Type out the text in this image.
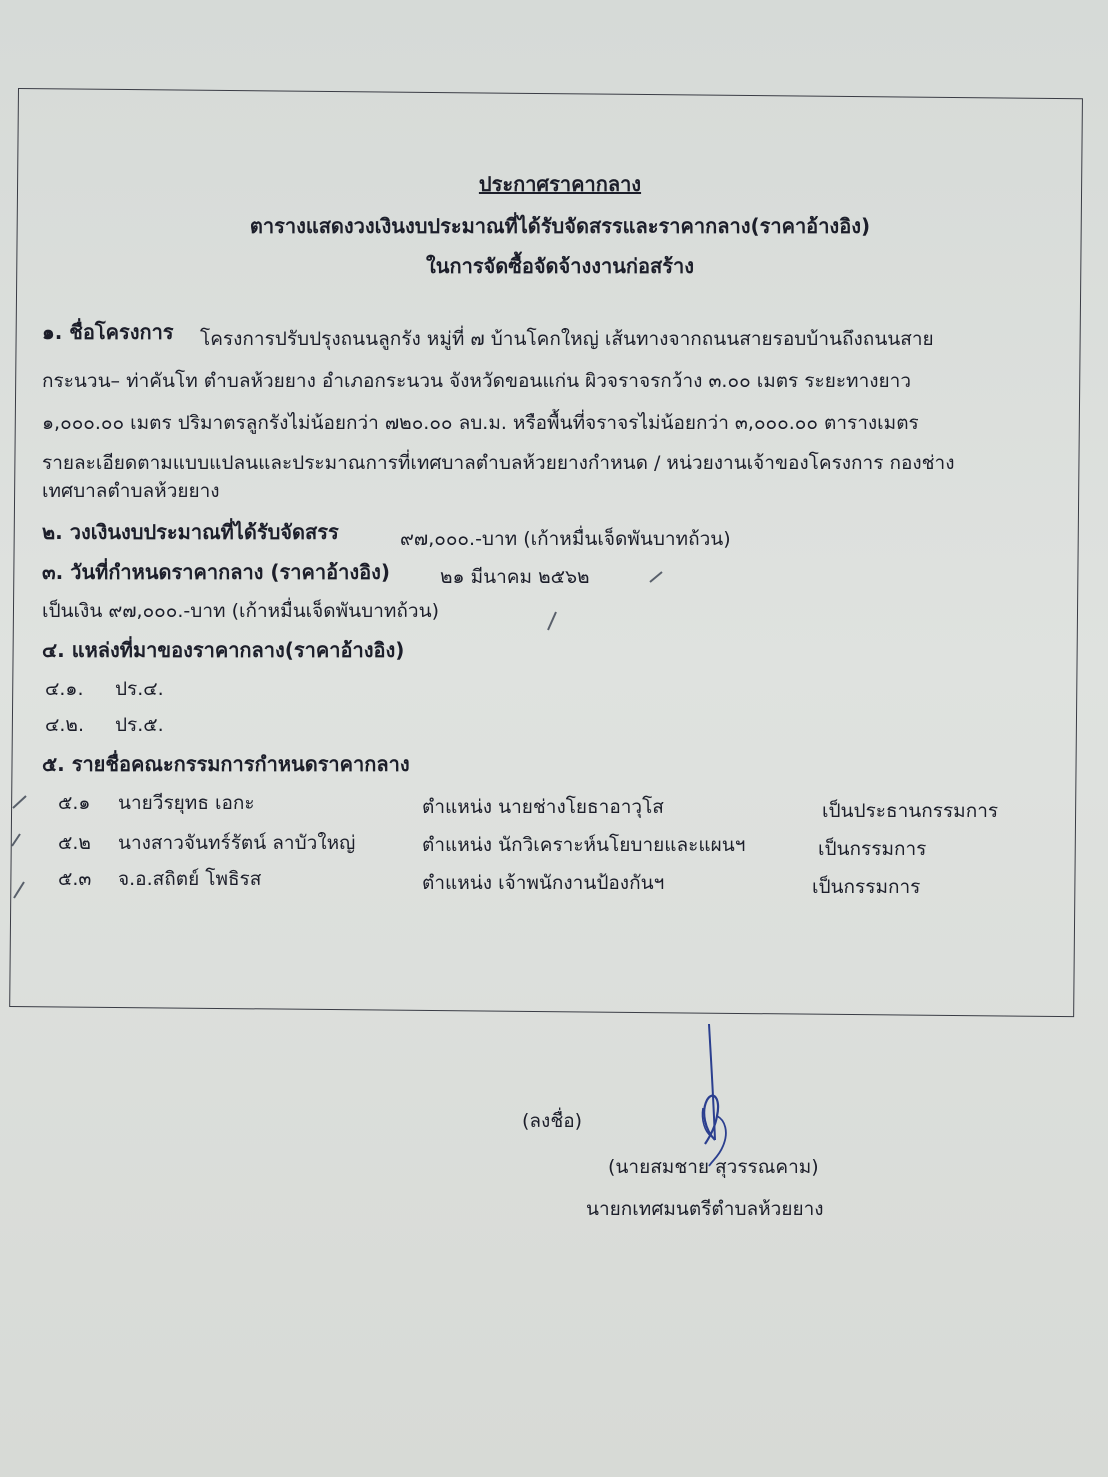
ประกาศราคากลาง
ตารางแสดงวงเงินงบประมาณที่ได้รับจัดสรรและราคากลาง(ราคาอ้างอิง)
ในการจัดซื้อจัดจ้างงานก่อสร้าง
๑. ชื่อโครงการ โครงการปรับปรุงถนนลูกรัง หมู่ที่ ๗ บ้านโคกใหญ่ เส้นทางจากถนนสายรอบบ้านถึงถนนสาย
กระนวน– ท่าคันโท ตำบลห้วยยาง อำเภอกระนวน จังหวัดขอนแก่น ผิวจราจรกว้าง ๓.๐๐ เมตร ระยะทางยาว
๑,๐๐๐.๐๐ เมตร ปริมาตรลูกรังไม่น้อยกว่า ๗๒๐.๐๐ ลบ.ม. หรือพื้นที่จราจรไม่น้อยกว่า ๓,๐๐๐.๐๐ ตารางเมตร
รายละเอียดตามแบบแปลนและประมาณการที่เทศบาลตำบลห้วยยางกำหนด / หน่วยงานเจ้าของโครงการ กองช่าง
เทศบาลตำบลห้วยยาง
๒. วงเงินงบประมาณที่ได้รับจัดสรร	๙๗,๐๐๐.-บาท (เก้าหมื่นเจ็ดพันบาทถ้วน)
๓. วันที่กำหนดราคากลาง (ราคาอ้างอิง)	๒๑ มีนาคม ๒๕๖๒
เป็นเงิน ๙๗,๐๐๐.-บาท (เก้าหมื่นเจ็ดพันบาทถ้วน)
๔. แหล่งที่มาของราคากลาง(ราคาอ้างอิง)
๔.๑. ปร.๔.
๔.๒. ปร.๕.
๕. รายชื่อคณะกรรมการกำหนดราคากลาง
๕.๑ นายวีรยุทธ เอกะ	ตำแหน่ง นายช่างโยธาอาวุโส	เป็นประธานกรรมการ
๕.๒ นางสาวจันทร์รัตน์ ลาบัวใหญ่	ตำแหน่ง นักวิเคราะห์นโยบายและแผนฯ	เป็นกรรมการ
๕.๓ จ.อ.สถิตย์ โพธิรส	ตำแหน่ง เจ้าพนักงานป้องกันฯ	เป็นกรรมการ
(ลงชื่อ)
(นายสมชาย สุวรรณคาม)
นายกเทศมนตรีตำบลห้วยยาง
